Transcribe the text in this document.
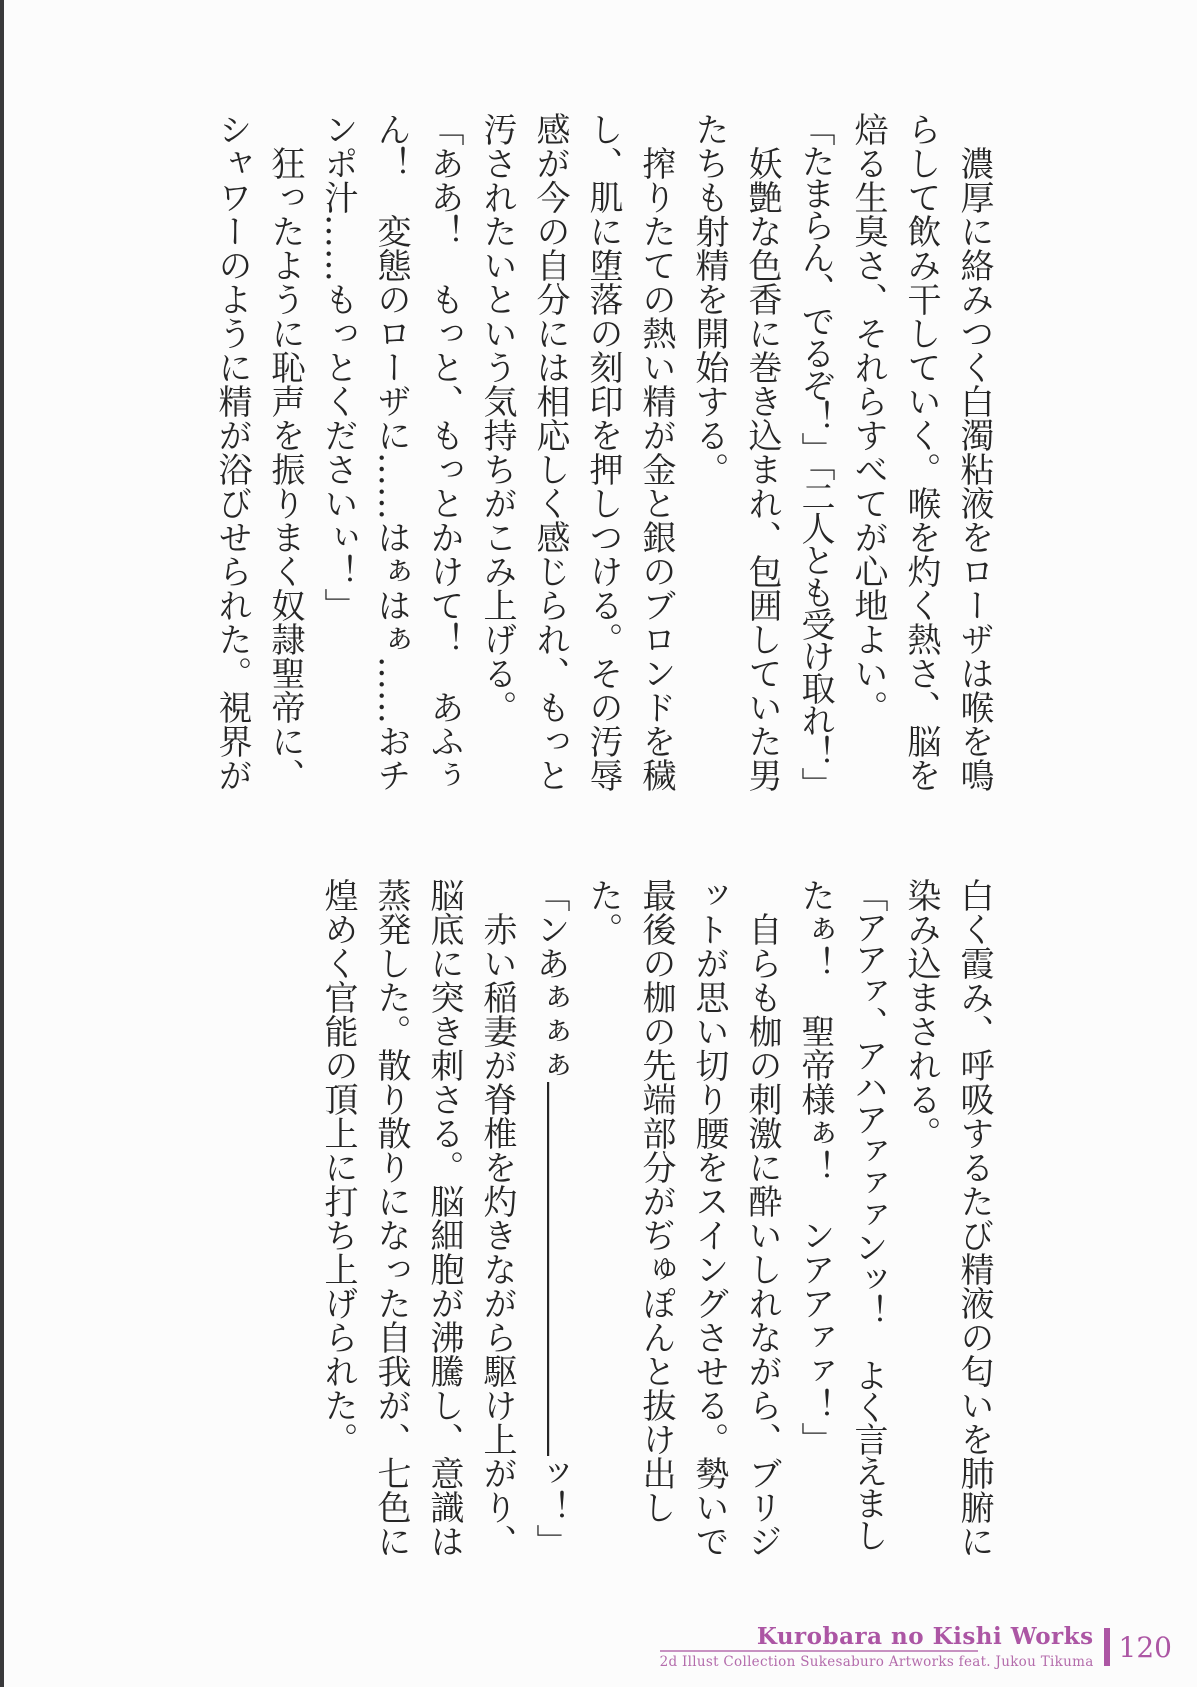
濃厚に絡みつく白濁粘液をローザは喉を鳴
らして飲み干していく。喉を灼く熱さ、脳を
焙る生臭さ、それらすべてが心地よい。
「たまらん、でるぞ！」「二人とも受け取れ！」
妖艶な色香に巻き込まれ、包囲していた男
たちも射精を開始する。
搾りたての熱い精が金と銀のブロンドを穢
し、肌に堕落の刻印を押しつける。その汚辱
感が今の自分には相応しく感じられ、もっと
汚されたいという気持ちがこみ上げる。
「ああ！　もっと、もっとかけて！　あふぅ
ん！　変態のローザに……はぁはぁ……おチ
ンポ汁……もっとくださいぃ！」
狂ったように恥声を振りまく奴隷聖帝に、
シャワーのように精が浴びせられた。視界が
白く霞み、呼吸するたび精液の匂いを肺腑に
染み込まされる。
「アアァ、アハアァァァンッ！　よく言えまし
たぁ！　聖帝様ぁ！　ンアアァァ！」
自らも枷の刺激に酔いしれながら、ブリジ
ットが思い切り腰をスイングさせる。勢いで
最後の枷の先端部分がぢゅぽんと抜け出し
た。
「ンあぁぁぁ―――――――――――ッ！」
赤い稲妻が脊椎を灼きながら駆け上がり、
脳底に突き刺さる。脳細胞が沸騰し、意識は
蒸発した。散り散りになった自我が、七色に
煌めく官能の頂上に打ち上げられた。
Kurobara no Kishi Works
2d Illust Collection Sukesaburo Artworks feat. Jukou Tikuma 120
